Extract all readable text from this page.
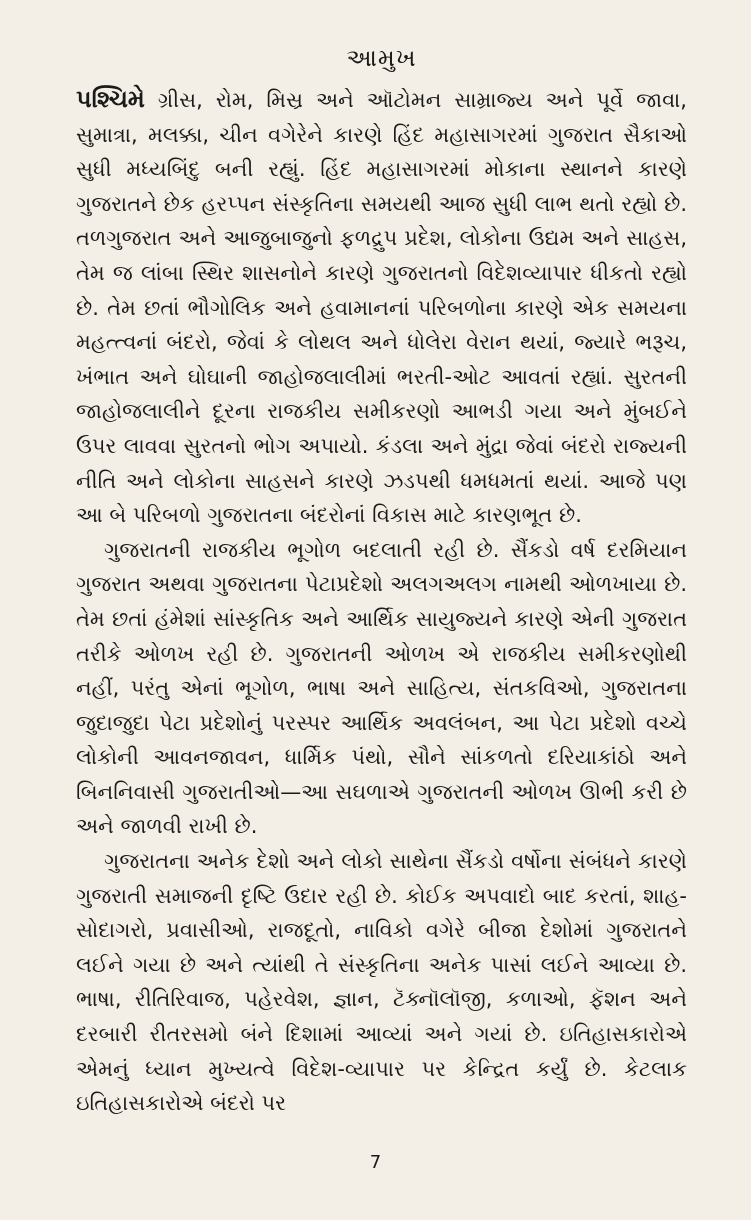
આમુખ

પશ્ચિમે ગ્રીસ, રોમ, મિસ્ર અને ઑટોમન સામ્રાજ્ય અને પૂર્વે જાવા, સુમાત્રા, મલક્કા, ચીન વગેરેને કારણે હિંદ મહાસાગરમાં ગુજરાત સૈકાઓ સુધી મધ્યબિંદુ બની રહ્યું. હિંદ મહાસાગરમાં મોકાના સ્થાનને કારણે ગુજરાતને છેક હરપ્પન સંસ્કૃતિના સમયથી આજ સુધી લાભ થતો રહ્યો છે. તળગુજરાત અને આજુબાજુનો ફળદ્રુપ પ્રદેશ, લોકોના ઉદ્યમ અને સાહસ, તેમ જ લાંબા સ્થિર શાસનોને કારણે ગુજરાતનો વિદેશવ્યાપાર ધીકતો રહ્યો છે. તેમ છતાં ભૌગોલિક અને હવામાનનાં પરિબળોના કારણે એક સમયના મહત્ત્વનાં બંદરો, જેવાં કે લોથલ અને ધોલેરા વેરાન થયાં, જ્યારે ભરૂચ, ખંભાત અને ઘોઘાની જાહોજલાલીમાં ભરતી-ઓટ આવતાં રહ્યાં. સુરતની જાહોજલાલીને દૂરના રાજકીય સમીકરણો આભડી ગયા અને મુંબઈને ઉપર લાવવા સુરતનો ભોગ અપાયો. કંડલા અને મુંદ્રા જેવાં બંદરો રાજ્યની નીતિ અને લોકોના સાહસને કારણે ઝડપથી ધમધમતાં થયાં. આજે પણ આ બે પરિબળો ગુજરાતના બંદરોનાં વિકાસ માટે કારણભૂત છે.

ગુજરાતની રાજકીય ભૂગોળ બદલાતી રહી છે. સૈંકડો વર્ષ દરમિયાન ગુજરાત અથવા ગુજરાતના પેટાપ્રદેશો અલગઅલગ નામથી ઓળખાયા છે. તેમ છતાં હંમેશાં સાંસ્કૃતિક અને આર્થિક સાયુજ્યને કારણે એની ગુજરાત તરીકે ઓળખ રહી છે. ગુજરાતની ઓળખ એ રાજકીય સમીકરણોથી નહીં, પરંતુ એનાં ભૂગોળ, ભાષા અને સાહિત્ય, સંતકવિઓ, ગુજરાતના જુદાજુદા પેટા પ્રદેશોનું પરસ્પર આર્થિક અવલંબન, આ પેટા પ્રદેશો વચ્ચે લોકોની આવનજાવન, ધાર્મિક પંથો, સૌને સાંકળતો દરિયાકાંઠો અને બિનનિવાસી ગુજરાતીઓ—આ સઘળાએ ગુજરાતની ઓળખ ઊભી કરી છે અને જાળવી રાખી છે.

ગુજરાતના અનેક દેશો અને લોકો સાથેના સૈંકડો વર્ષોના સંબંધને કારણે ગુજરાતી સમાજની દૃષ્ટિ ઉદાર રહી છે. કોઈક અપવાદો બાદ કરતાં, શાહ-સોદાગરો, પ્રવાસીઓ, રાજદૂતો, નાવિકો વગેરે બીજા દેશોમાં ગુજરાતને લઈને ગયા છે અને ત્યાંથી તે સંસ્કૃતિના અનેક પાસાં લઈને આવ્યા છે. ભાષા, રીતિરિવાજ, પહેરવેશ, જ્ઞાન, ટૅક્નૉલૉજી, કળાઓ, ફૅશન અને દરબારી રીતરસમો બંને દિશામાં આવ્યાં અને ગયાં છે. ઇતિહાસકારોએ એમનું ધ્યાન મુખ્યત્વે વિદેશ-વ્યાપાર પર કેન્દ્રિત કર્યું છે. કેટલાક ઇતિહાસકારોએ બંદરો પર

7
